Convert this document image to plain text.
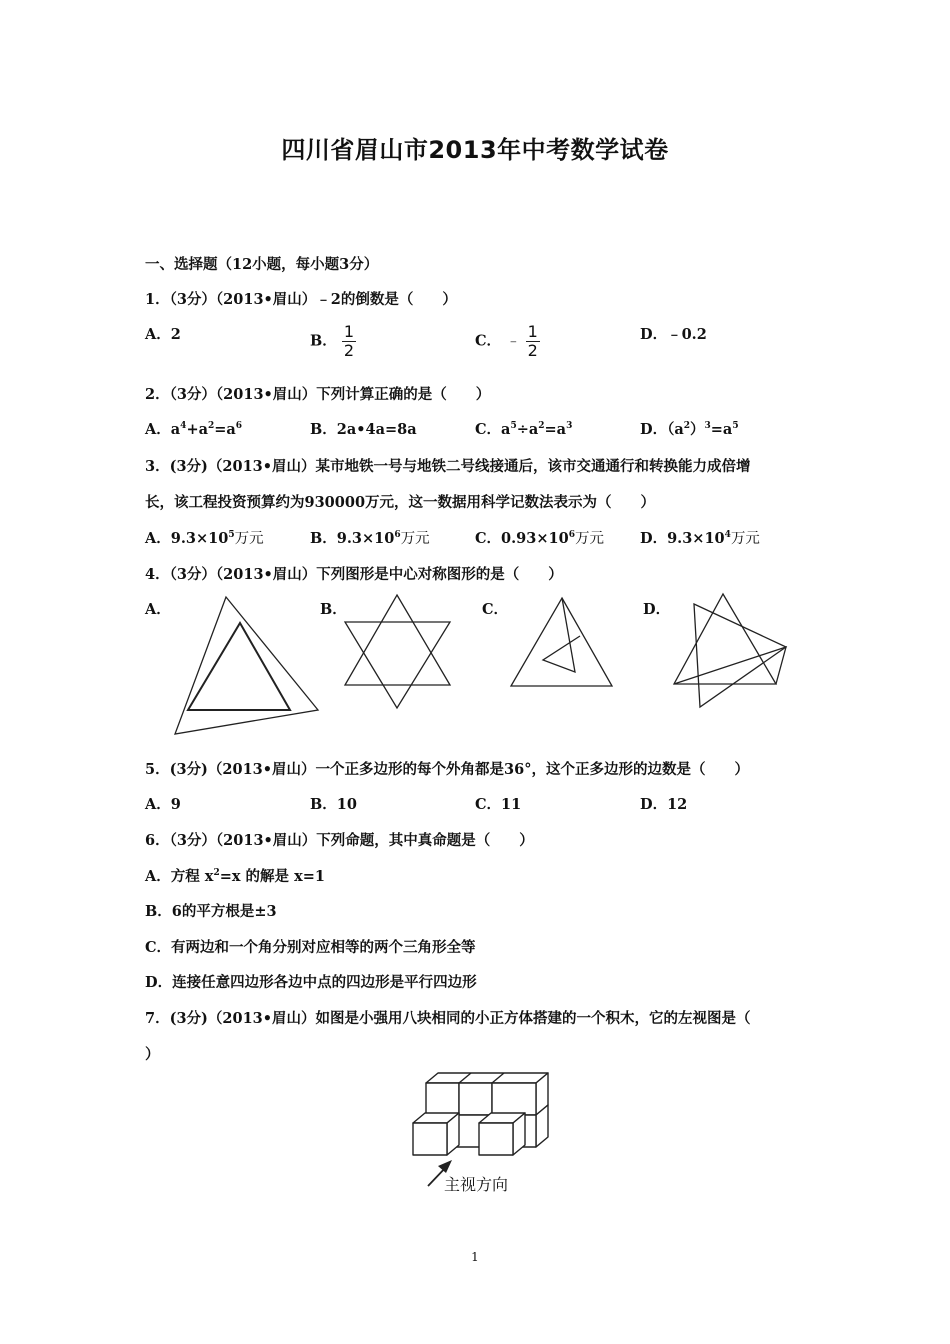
四川省眉山市2013年中考数学试卷
一、选择题（12小题，每小题3分）
1．（3分）（2013•眉山）﹣2的倒数是（　　）
A．2	B． $\frac{1}{2}$	C． ﹣ $\frac{1}{2}$	D．﹣0.2
2．（3分）（2013•眉山）下列计算正确的是（　　）
A．$a^4+a^2=a^6$	B．2a•4a=8a	C．$a^5\div a^2=a^3$	D．$(a^2)^3=a^5$
3．(3分)（2013•眉山）某市地铁一号与地铁二号线接通后，该市交通通行和转换能力成倍增
长，该工程投资预算约为930000万元，这一数据用科学记数法表示为（　　）
A．$9.3\times 10^5$万元	B．$9.3\times 10^6$万元	C．$0.93\times 10^6$万元 D．$9.3\times 10^4$万元
4．（3分）（2013•眉山）下列图形是中心对称图形的是（　　）
A．	B．	C．	D．
5．(3分)（2013•眉山）一个正多边形的每个外角都是36°，这个正多边形的边数是（　　）
A．9	B．10	C．11	D．12
6．（3分）（2013•眉山）下列命题，其中真命题是（　　）
A．方程 $x^2=x$ 的解是 x=1
B．6的平方根是±3
C．有两边和一个角分别对应相等的两个三角形全等
D．连接任意四边形各边中点的四边形是平行四边形
7．(3分)（2013•眉山）如图是小强用八块相同的小正方体搭建的一个积木，它的左视图是（
）
主视方向
1
